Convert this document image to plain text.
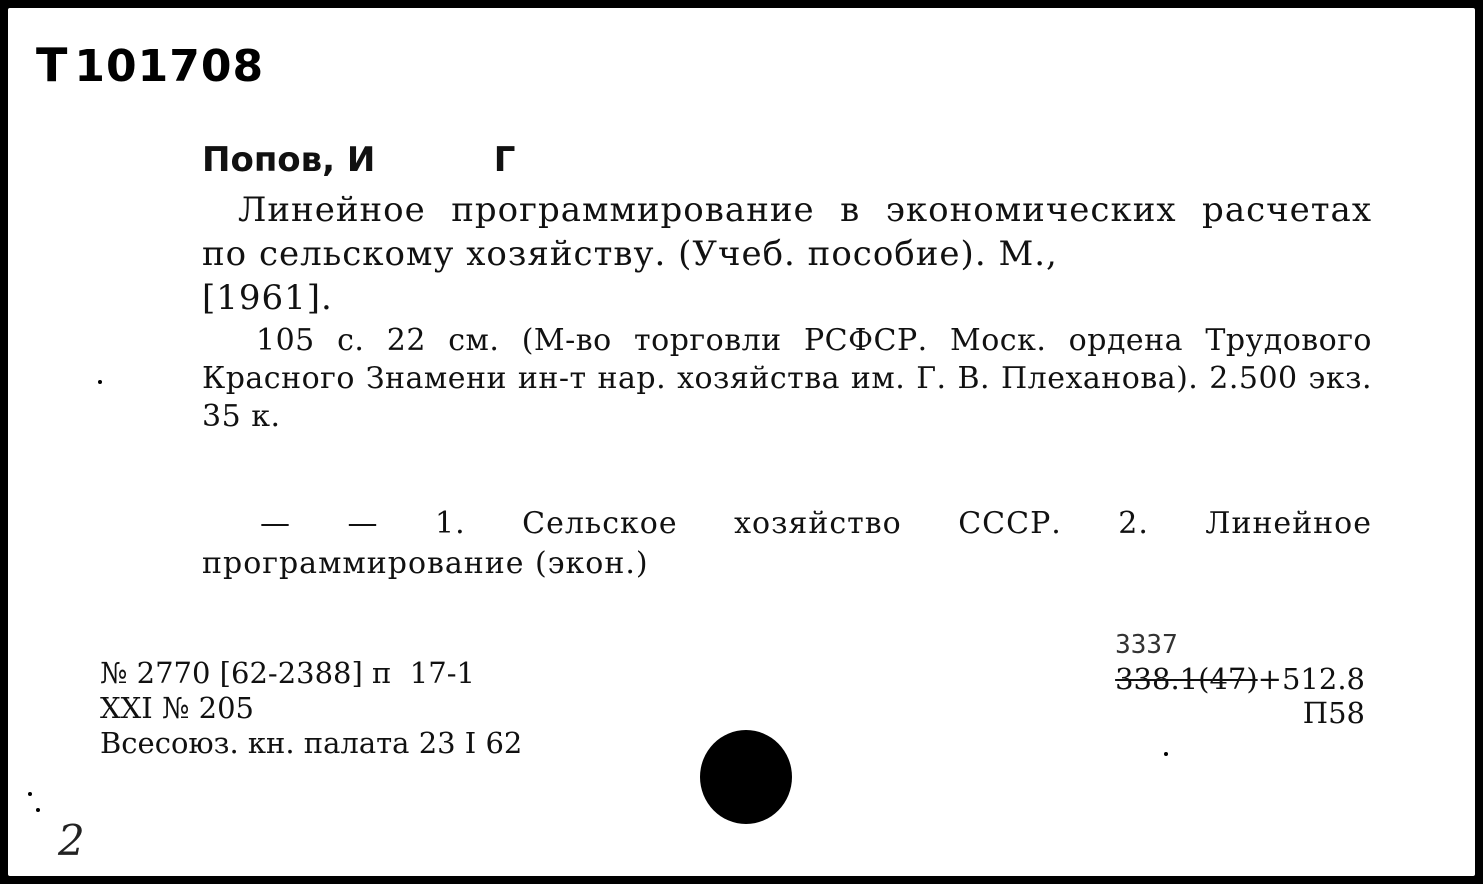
Т 101708
Попов, И          Г
Линейное программирование в экономических расчетах по сельскому хозяйству. (Учеб. пособие). М.,
[1961].
105 с. 22 см. (М-во торговли РСФСР. Моск. ордена Трудового Красного Знамени ин-т нар. хозяйства им. Г. В. Плеханова). 2.500 экз. 35 к.
— — 1. Сельское хозяйство СССР. 2. Линейное программирование (экон.)
№ 2770 [62-2388] п  17-1
XXI № 205
Всесоюз. кн. палата 23 I 62
3337
338.1(47)+512.8
П58
2
